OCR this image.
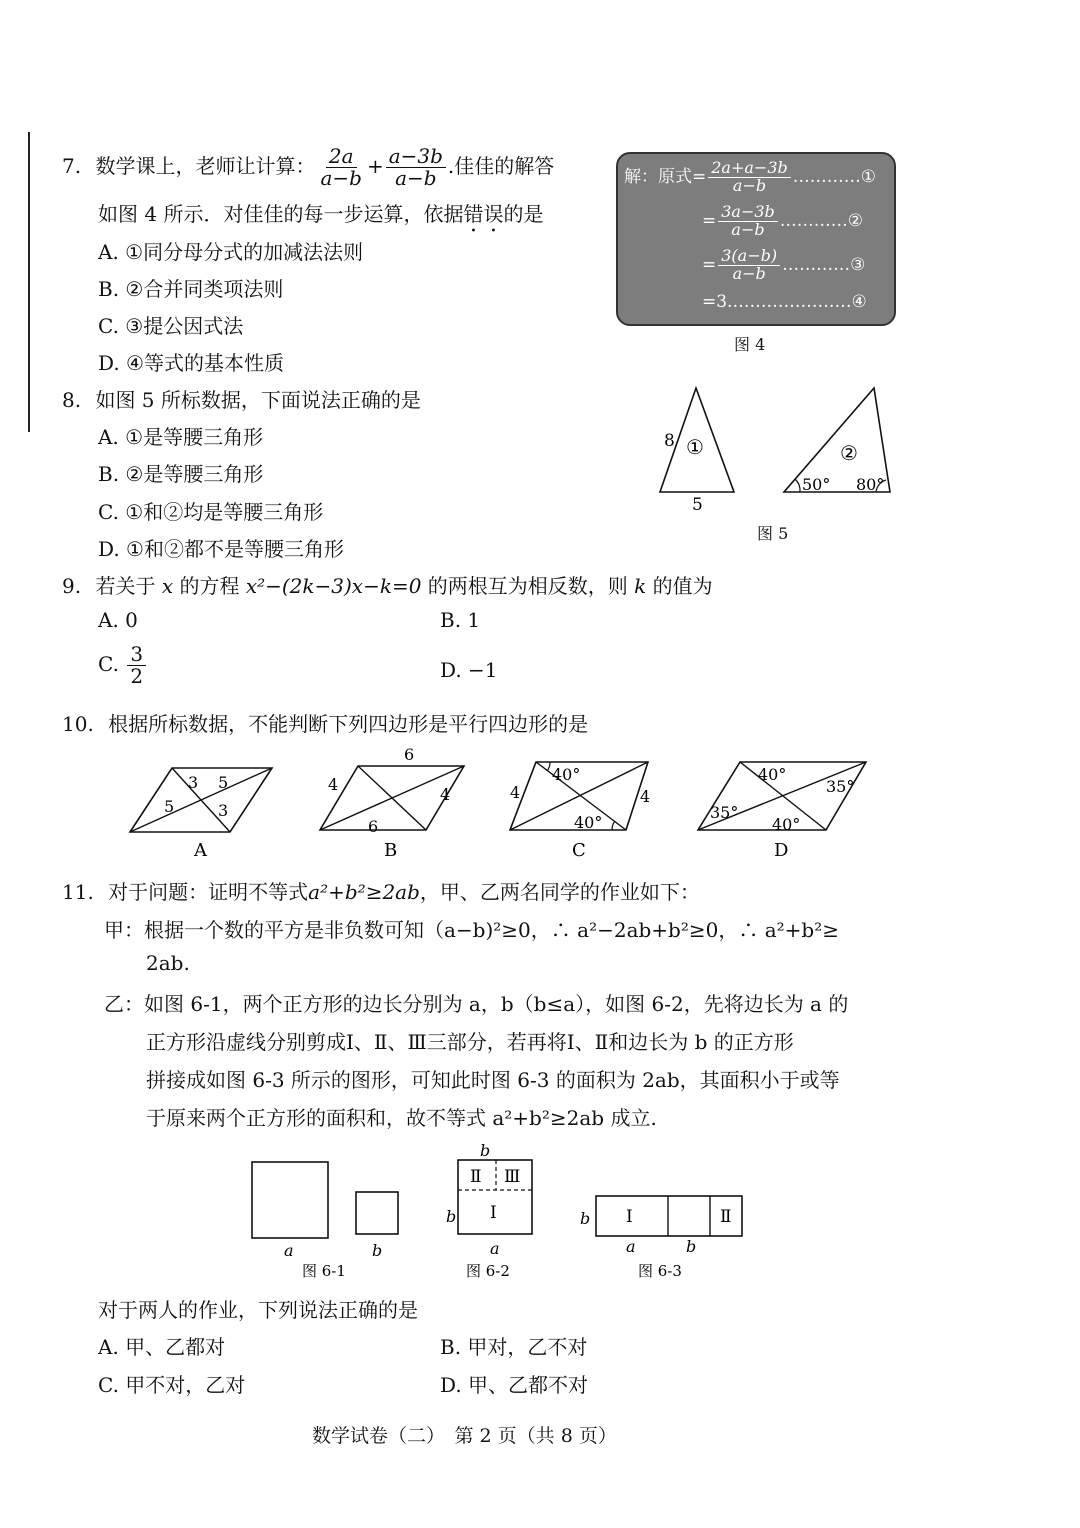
7. 数学课上，老师让计算： $\frac{2a}{a-b} + \frac{a-3b}{a-b}$ .佳佳的解答
如图 4 所示．对佳佳的每一步运算，依据错误的是
A. ①同分母分式的加减法法则
B. ②合并同类项法则
C. ③提公因式法
D. ④等式的基本性质
解：原式= $\frac{2a+a-3b}{a-b}$ …………①
= $\frac{3a-3b}{a-b}$ …………②
= $\frac{3(a-b)}{a-b}$ …………③
=3.…………………④
图 4
8. 如图 5 所标数据，下面说法正确的是
A. ①是等腰三角形
B. ②是等腰三角形
C. ①和②均是等腰三角形
D. ①和②都不是等腰三角形
8 ①
5
②
50° 80°
图 5
9. 若关于 x 的方程 x²−(2k−3)x−k=0 的两根互为相反数，则 k 的值为
A. 0	B. 1
C. $\frac{3}{2}$	D. −1
10. 根据所标数据，不能判断下列四边形是平行四边形的是
3 5
5	3
A
6
4
4
6
B
40°
4	4
40°
C
40°
35°
35°
40°
D
11. 对于问题：证明不等式a²+b²≥2ab，甲、乙两名同学的作业如下：
甲：根据一个数的平方是非负数可知（a−b)²≥0，∴ a²−2ab+b²≥0，∴ a²+b²≥
2ab.
乙：如图 6-1，两个正方形的边长分别为 a，b（b≤a），如图 6-2，先将边长为 a 的
正方形沿虚线分别剪成Ⅰ、Ⅱ、Ⅲ三部分，若再将Ⅰ、Ⅱ和边长为 b 的正方形
拼接成如图 6-3 所示的图形，可知此时图 6-3 的面积为 2ab，其面积小于或等
于原来两个正方形的面积和，故不等式 a²+b²≥2ab 成立.
a	b
图 6-1
b
b
Ⅱ Ⅲ
Ⅰ
a
图 6-2
b Ⅰ	Ⅱ
a	b
图 6-3
对于两人的作业，下列说法正确的是
A. 甲、乙都对	B. 甲对，乙不对
C. 甲不对，乙对	D. 甲、乙都不对
数学试卷（二）　第 2 页（共 8 页）
